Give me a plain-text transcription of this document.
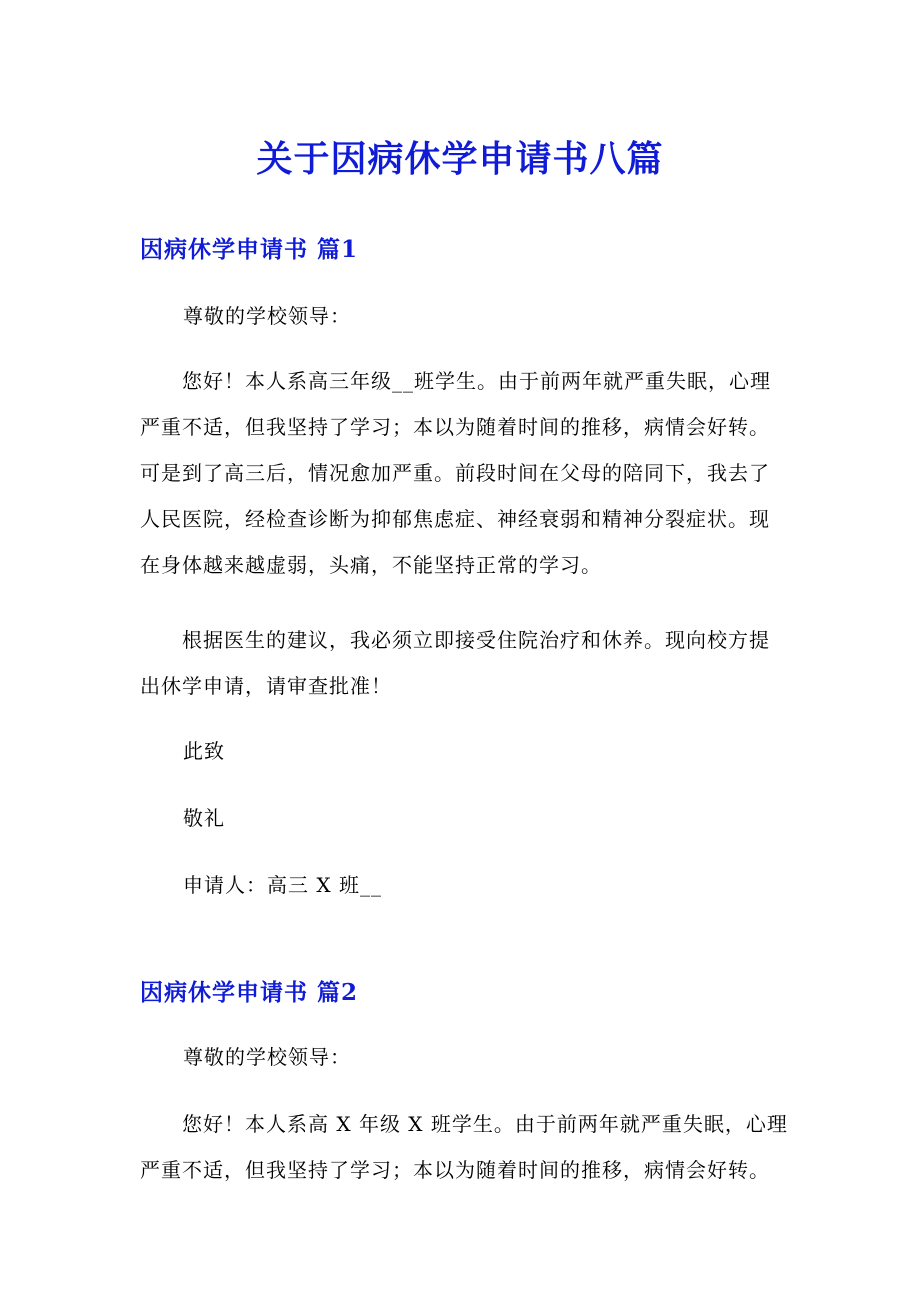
关于因病休学申请书八篇
因病休学申请书 篇1
尊敬的学校领导：
您好！本人系高三年级__班学生。由于前两年就严重失眠，心理严重不适，但我坚持了学习；本以为随着时间的推移，病情会好转。可是到了高三后，情况愈加严重。前段时间在父母的陪同下，我去了人民医院，经检查诊断为抑郁焦虑症、神经衰弱和精神分裂症状。现在身体越来越虚弱，头痛，不能坚持正常的学习。
根据医生的建议，我必须立即接受住院治疗和休养。现向校方提出休学申请，请审查批准！
此致
敬礼
申请人：高三 X 班__
因病休学申请书 篇2
尊敬的学校领导：
您好！本人系高 X 年级 X 班学生。由于前两年就严重失眠，心理严重不适，但我坚持了学习；本以为随着时间的推移，病情会好转。
